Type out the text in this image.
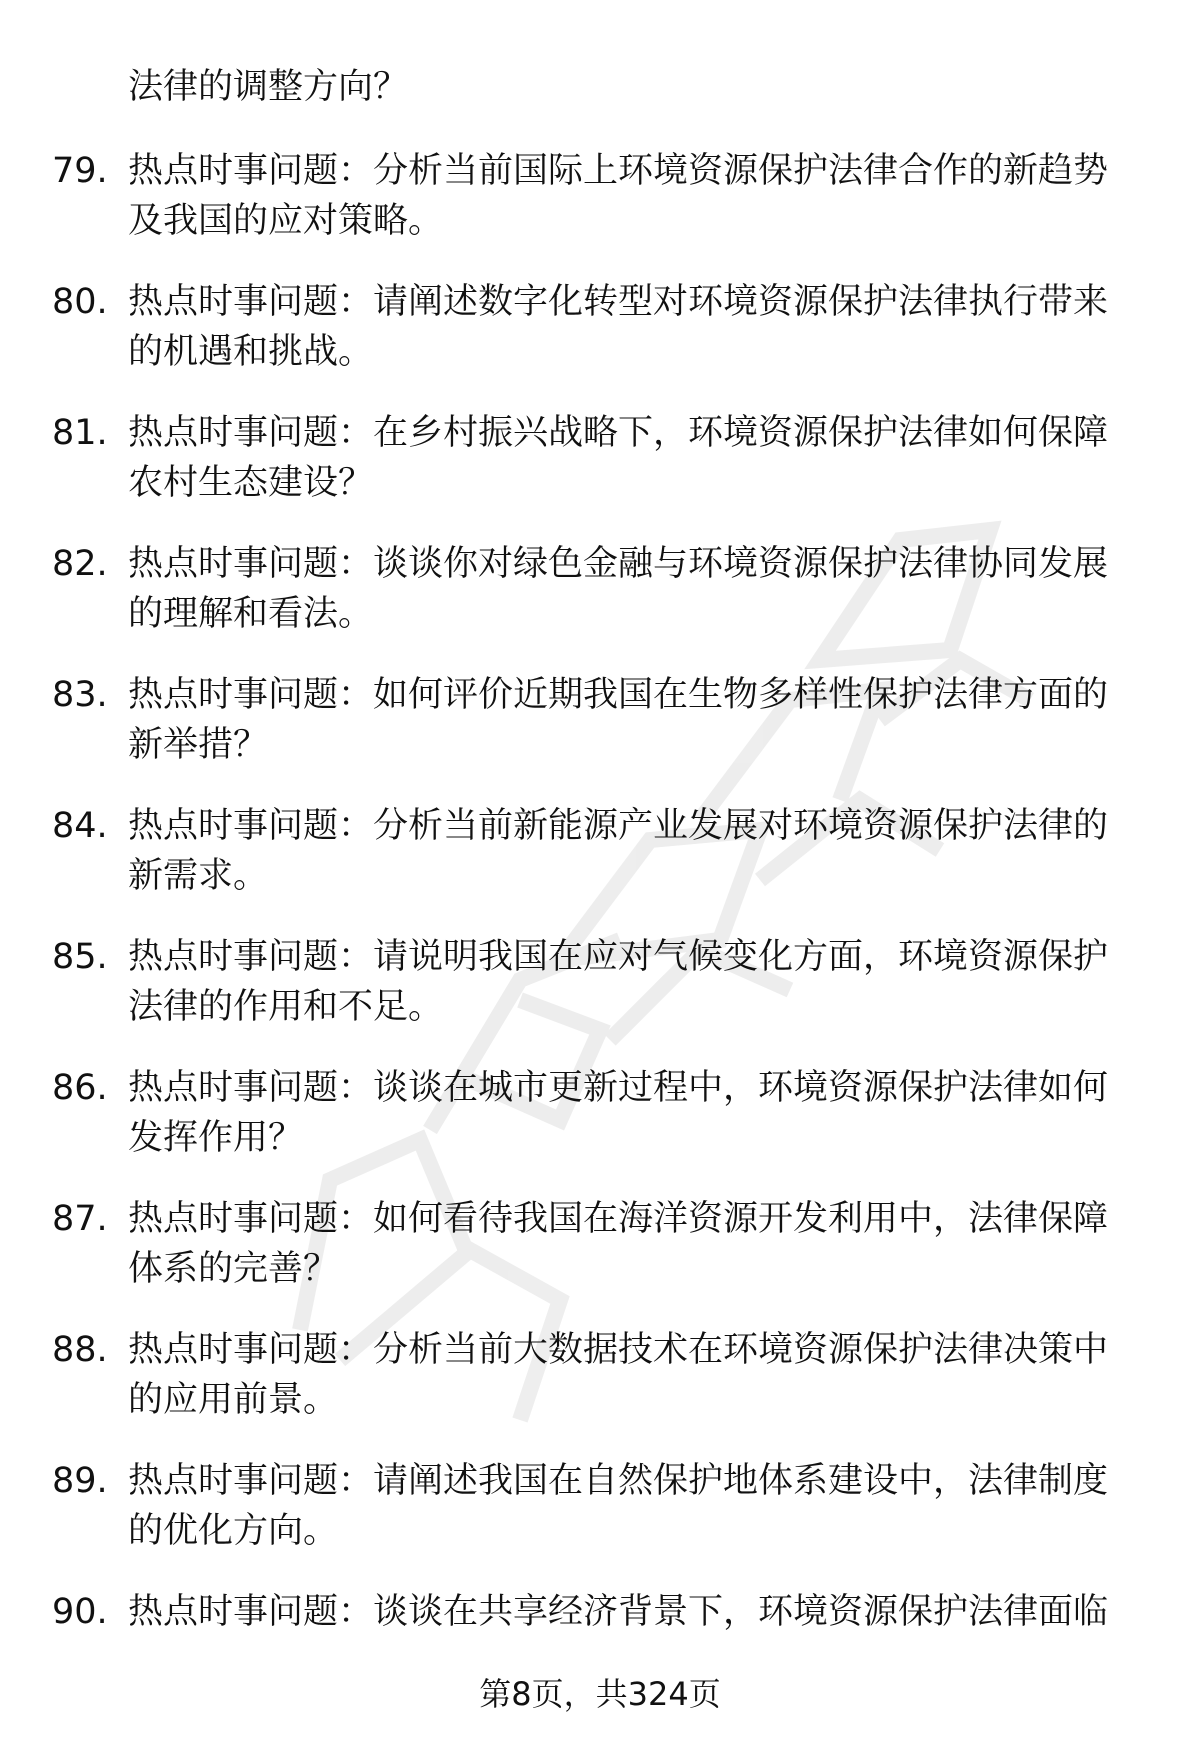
法律的调整方向？
79. 热点时事问题：分析当前国际上环境资源保护法律合作的新趋势及我国的应对策略。
80. 热点时事问题：请阐述数字化转型对环境资源保护法律执行带来的机遇和挑战。
81. 热点时事问题：在乡村振兴战略下，环境资源保护法律如何保障农村生态建设？
82. 热点时事问题：谈谈你对绿色金融与环境资源保护法律协同发展的理解和看法。
83. 热点时事问题：如何评价近期我国在生物多样性保护法律方面的新举措？
84. 热点时事问题：分析当前新能源产业发展对环境资源保护法律的新需求。
85. 热点时事问题：请说明我国在应对气候变化方面，环境资源保护法律的作用和不足。
86. 热点时事问题：谈谈在城市更新过程中，环境资源保护法律如何发挥作用？
87. 热点时事问题：如何看待我国在海洋资源开发利用中，法律保障体系的完善？
88. 热点时事问题：分析当前大数据技术在环境资源保护法律决策中的应用前景。
89. 热点时事问题：请阐述我国在自然保护地体系建设中，法律制度的优化方向。
90. 热点时事问题：谈谈在共享经济背景下，环境资源保护法律面临
第8页，共324页
